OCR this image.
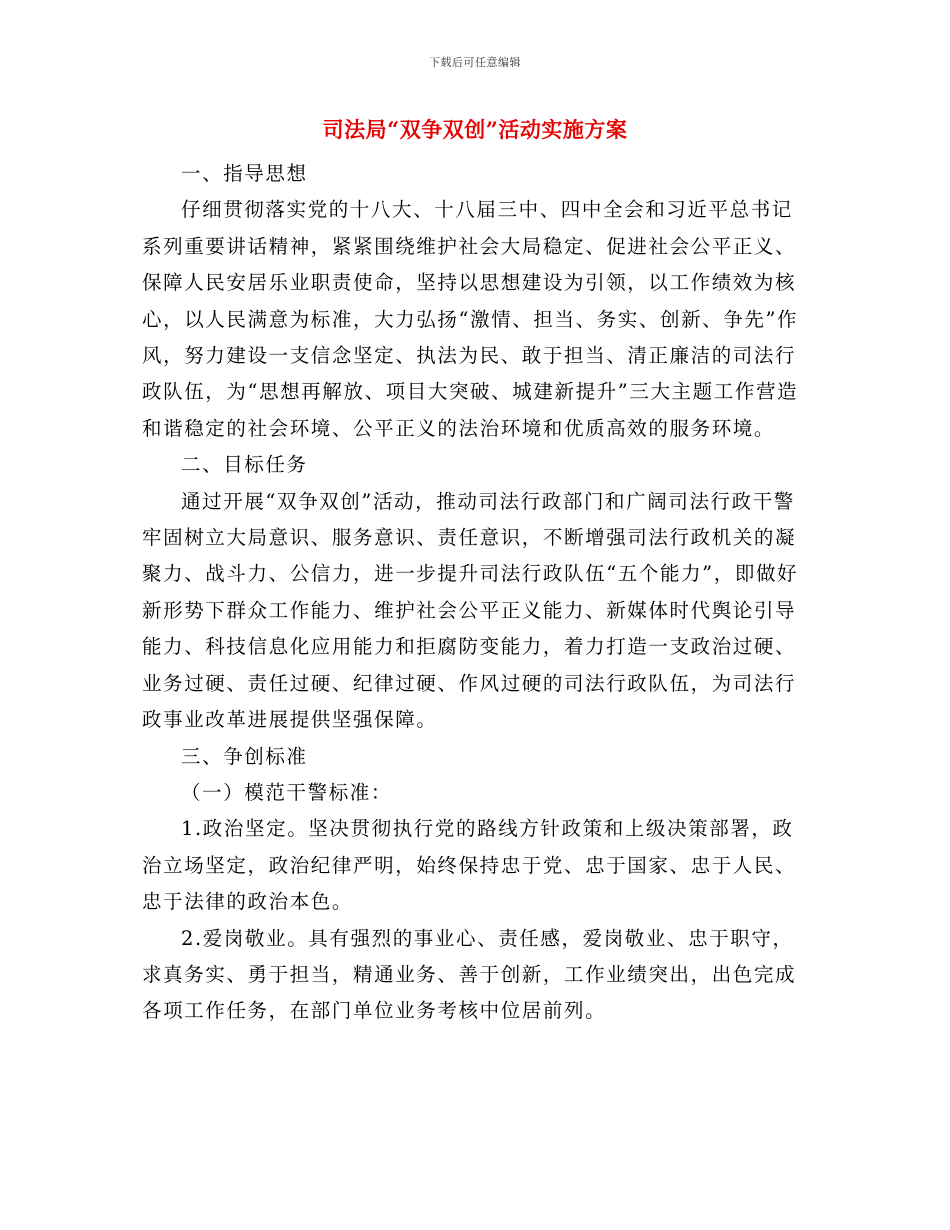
下载后可任意编辑
司法局“双争双创”活动实施方案

一、指导思想

仔细贯彻落实党的十八大、十八届三中、四中全会和习近平总书记系列重要讲话精神，紧紧围绕维护社会大局稳定、促进社会公平正义、保障人民安居乐业职责使命，坚持以思想建设为引领，以工作绩效为核心，以人民满意为标准，大力弘扬“激情、担当、务实、创新、争先”作风，努力建设一支信念坚定、执法为民、敢于担当、清正廉洁的司法行政队伍，为“思想再解放、项目大突破、城建新提升”三大主题工作营造和谐稳定的社会环境、公平正义的法治环境和优质高效的服务环境。

二、目标任务

通过开展“双争双创”活动，推动司法行政部门和广阔司法行政干警牢固树立大局意识、服务意识、责任意识，不断增强司法行政机关的凝聚力、战斗力、公信力，进一步提升司法行政队伍“五个能力”，即做好新形势下群众工作能力、维护社会公平正义能力、新媒体时代舆论引导能力、科技信息化应用能力和拒腐防变能力，着力打造一支政治过硬、业务过硬、责任过硬、纪律过硬、作风过硬的司法行政队伍，为司法行政事业改革进展提供坚强保障。

三、争创标准

（一）模范干警标准：

1.政治坚定。坚决贯彻执行党的路线方针政策和上级决策部署，政治立场坚定，政治纪律严明，始终保持忠于党、忠于国家、忠于人民、忠于法律的政治本色。

2.爱岗敬业。具有强烈的事业心、责任感，爱岗敬业、忠于职守，求真务实、勇于担当，精通业务、善于创新，工作业绩突出，出色完成各项工作任务，在部门单位业务考核中位居前列。
